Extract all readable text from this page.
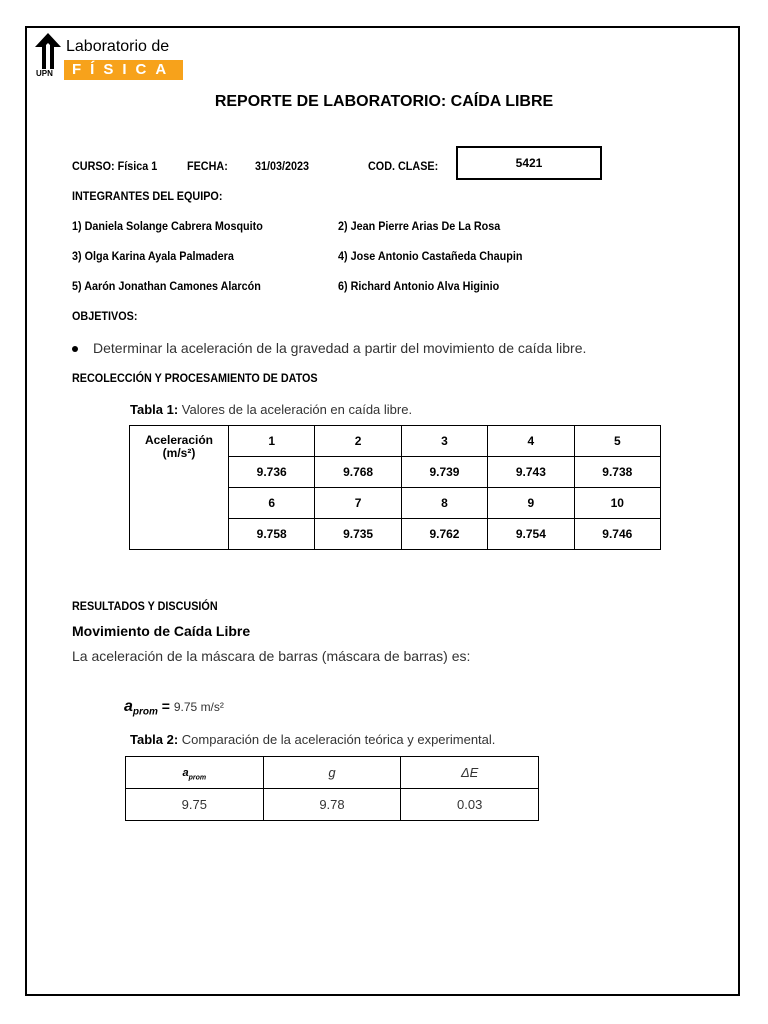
UPN
Laboratorio de
FÍSICA
REPORTE DE LABORATORIO: CAÍDA LIBRE
CURSO: Física 1 FECHA: 31/03/2023	COD. CLASE:	5421
INTEGRANTES DEL EQUIPO:
1) Daniela Solange Cabrera Mosquito	2) Jean Pierre Arias De La Rosa
3) Olga Karina Ayala Palmadera	4) Jose Antonio Castañeda Chaupin
5) Aarón Jonathan Camones Alarcón	6) Richard Antonio Alva Higinio
OBJETIVOS:
Determinar la aceleración de la gravedad a partir del movimiento de caída libre.
RECOLECCIÓN Y PROCESAMIENTO DE DATOS
Tabla 1: Valores de la aceleración en caída libre.
Aceleración
(m/s²)	1	2	3	4	5
	9.736	9.768	9.739	9.743	9.738
	6	7	8	9	10
	9.758	9.735	9.762	9.754	9.746
RESULTADOS Y DISCUSIÓN
Movimiento de Caída Libre
La aceleración de la máscara de barras (máscara de barras) es:
$a_{prom} = 9.75$ m/s²
Tabla 2: Comparación de la aceleración teórica y experimental.
$a_{prom}$	g	ΔE
9.75	9.78	0.03
